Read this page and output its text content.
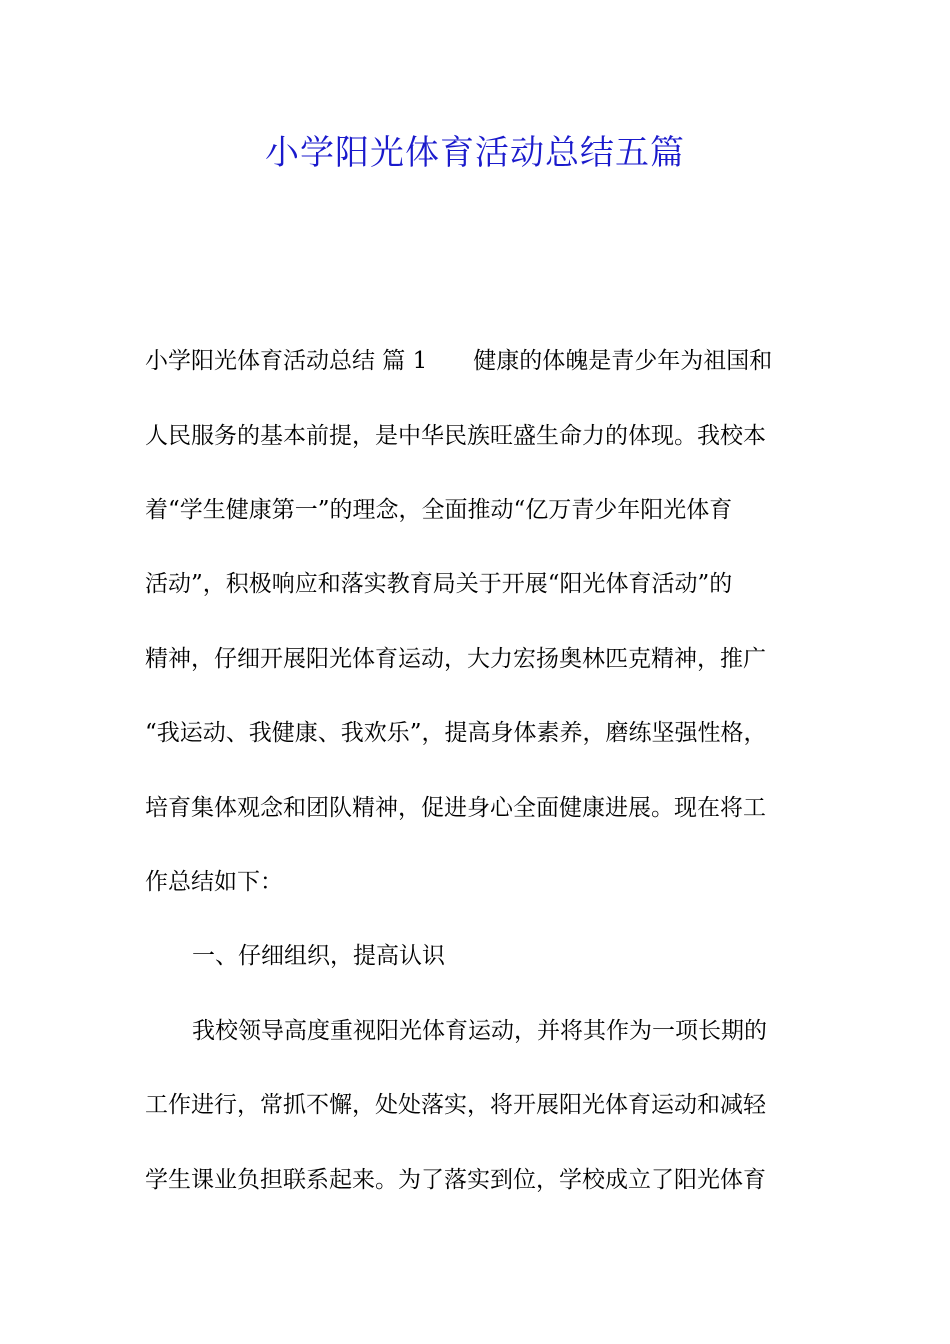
小学阳光体育活动总结五篇

小学阳光体育活动总结 篇 1 健康的体魄是青少年为祖国和

人民服务的基本前提，是中华民族旺盛生命力的体现。我校本

着“学生健康第一”的理念，全面推动“亿万青少年阳光体育

活动”，积极响应和落实教育局关于开展“阳光体育活动”的

精神，仔细开展阳光体育运动，大力宏扬奥林匹克精神，推广

“我运动、我健康、我欢乐”，提高身体素养，磨练坚强性格，

培育集体观念和团队精神，促进身心全面健康进展。现在将工

作总结如下：

一、仔细组织，提高认识

我校领导高度重视阳光体育运动，并将其作为一项长期的

工作进行，常抓不懈，处处落实，将开展阳光体育运动和减轻

学生课业负担联系起来。为了落实到位，学校成立了阳光体育
